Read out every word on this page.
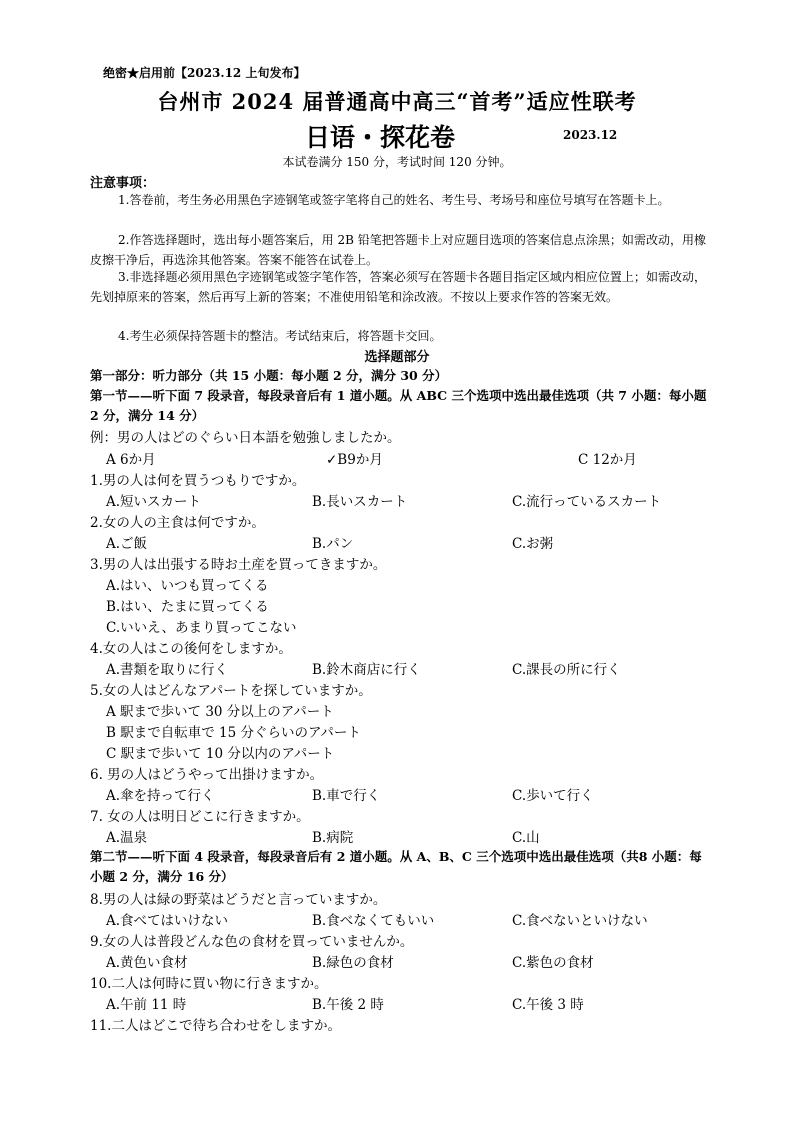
绝密★启用前【2023.12 上旬发布】
台州市 2024 届普通高中高三“首考”适应性联考
日语・探花卷	2023.12
本试卷满分 150 分，考试时间 120 分钟。
注意事项：
1.答卷前，考生务必用黑色字迹钢笔或签字笔将自己的姓名、考生号、考场号和座位号填写在答题卡上。
2.作答选择题时，选出每小题答案后，用 2B 铅笔把答题卡上对应题目选项的答案信息点涂黑；如需改动，用橡皮擦干净后，再选涂其他答案。答案不能答在试卷上。
3.非选择题必须用黑色字迹钢笔或签字笔作答，答案必须写在答题卡各题目指定区域内相应位置上；如需改动，先划掉原来的答案，然后再写上新的答案；不准使用铅笔和涂改液。不按以上要求作答的答案无效。
4.考生必须保持答题卡的整洁。考试结束后，将答题卡交回。
选择题部分
第一部分：听力部分（共 15 小题：每小题 2 分，满分 30 分）
第一节——听下面 7 段录音，每段录音后有 1 道小题。从 ABC 三个选项中选出最佳选项（共 7 小题：每小题 2 分，满分 14 分）
例：男の人はどのぐらい日本語を勉強しましたか。
A 6か月	✓B9か月	C 12か月
1.男の人は何を買うつもりですか。
A.短いスカート	B.長いスカート	C.流行っているスカート
2.女の人の主食は何ですか。
A.ご飯	B.パン	C.お粥
3.男の人は出張する時お土産を買ってきますか。
A.はい、いつも買ってくる
B.はい、たまに買ってくる
C.いいえ、あまり買ってこない
4.女の人はこの後何をしますか。
A.書類を取りに行く	B.鈴木商店に行く	C.課長の所に行く
5.女の人はどんなアパートを探していますか。
A 駅まで歩いて 30 分以上のアパート
B 駅まで自転車で 15 分ぐらいのアパート
C 駅まで歩いて 10 分以内のアパート
6. 男の人はどうやって出掛けますか。
A.傘を持って行く	B.車で行く	C.歩いて行く
7. 女の人は明日どこに行きますか。
A.温泉	B.病院	C.山
第二节——听下面 4 段录音，每段录音后有 2 道小题。从 A、B、C 三个选项中选出最佳选项（共8 小题：每小题 2 分，满分 16 分）
8.男の人は緑の野菜はどうだと言っていますか。
A.食べてはいけない	B.食べなくてもいい	C.食べないといけない
9.女の人は普段どんな色の食材を買っていませんか。
A.黄色い食材	B.緑色の食材	C.紫色の食材
10.二人は何時に買い物に行きますか。
A.午前 11 時	B.午後 2 時	C.午後 3 時
11.二人はどこで待ち合わせをしますか。
